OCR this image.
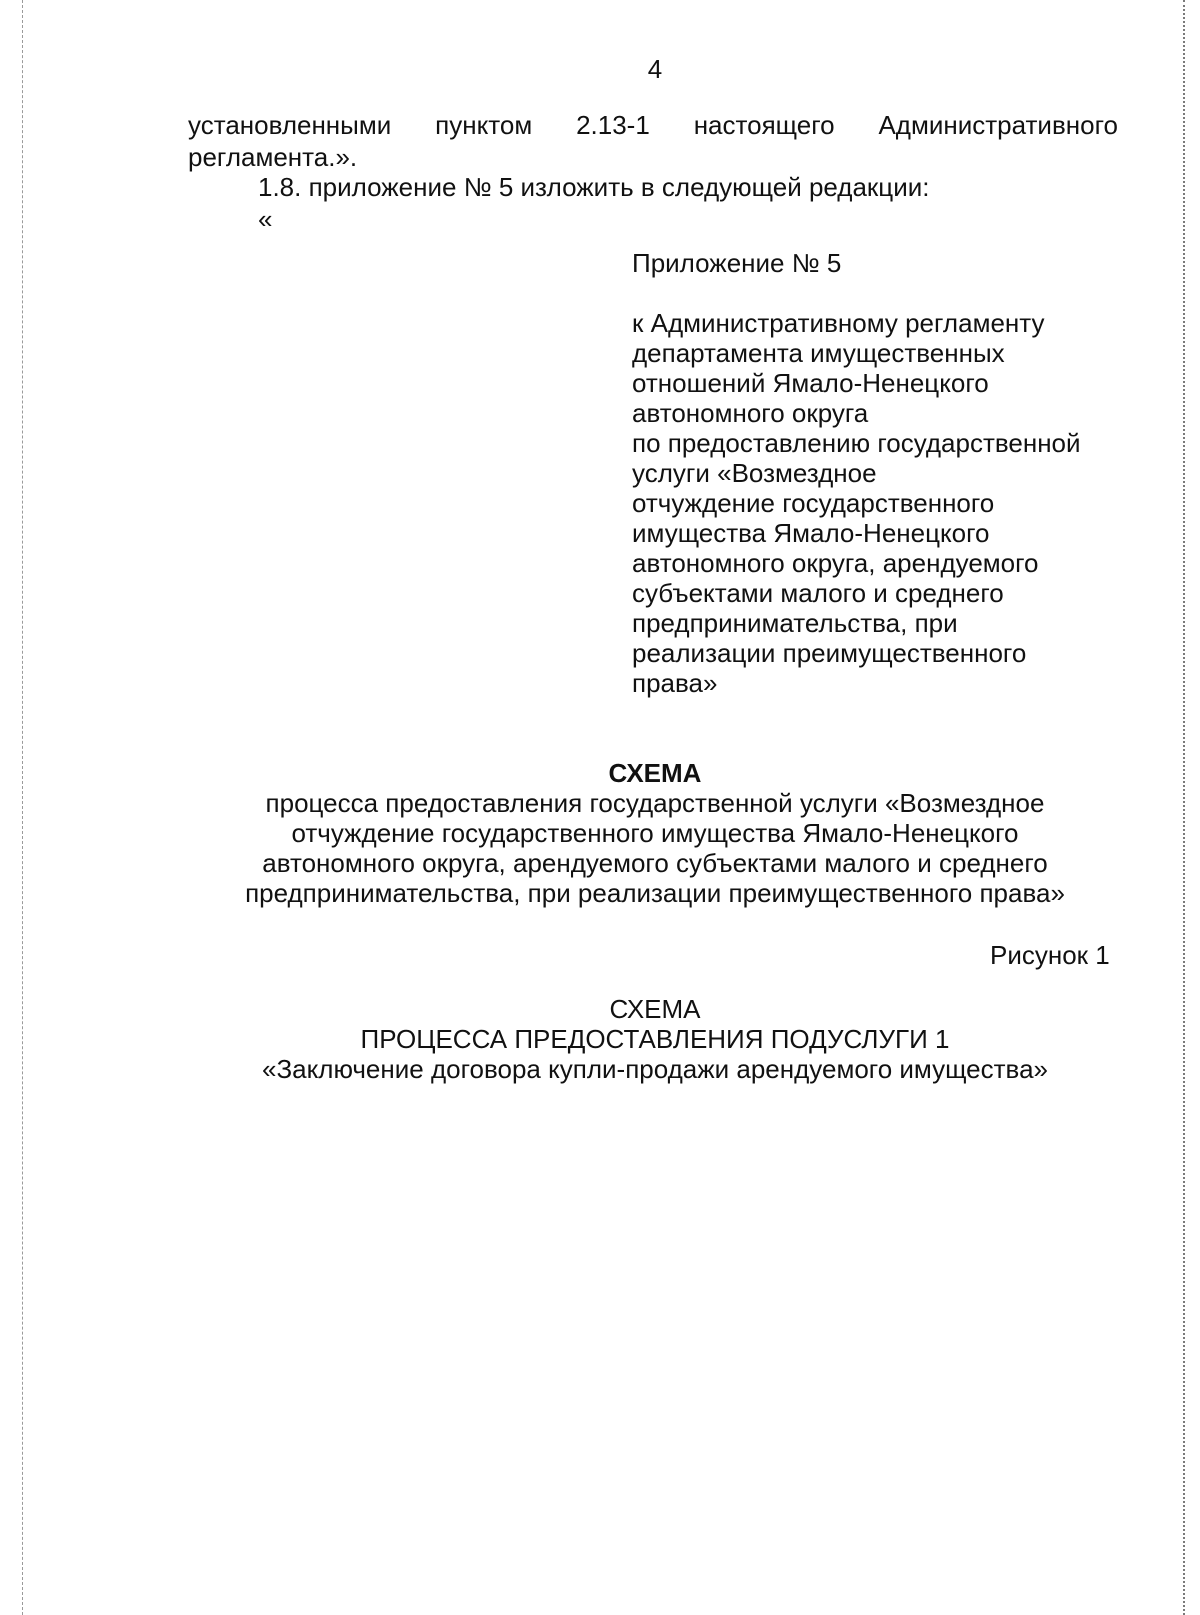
4
установленными пунктом 2.13-1 настоящего Административного
регламента.».
1.8. приложение № 5 изложить в следующей редакции:
«
Приложение № 5
к Административному регламенту
департамента имущественных
отношений Ямало-Ненецкого
автономного округа
по предоставлению государственной
услуги «Возмездное
отчуждение государственного
имущества Ямало-Ненецкого
автономного округа, арендуемого
субъектами малого и среднего
предпринимательства, при
реализации преимущественного
права»
СХЕМА
процесса предоставления государственной услуги «Возмездное
отчуждение государственного имущества Ямало-Ненецкого
автономного округа, арендуемого субъектами малого и среднего
предпринимательства, при реализации преимущественного права»
Рисунок 1
СХЕМА
ПРОЦЕССА ПРЕДОСТАВЛЕНИЯ ПОДУСЛУГИ 1
«Заключение договора купли-продажи арендуемого имущества»
